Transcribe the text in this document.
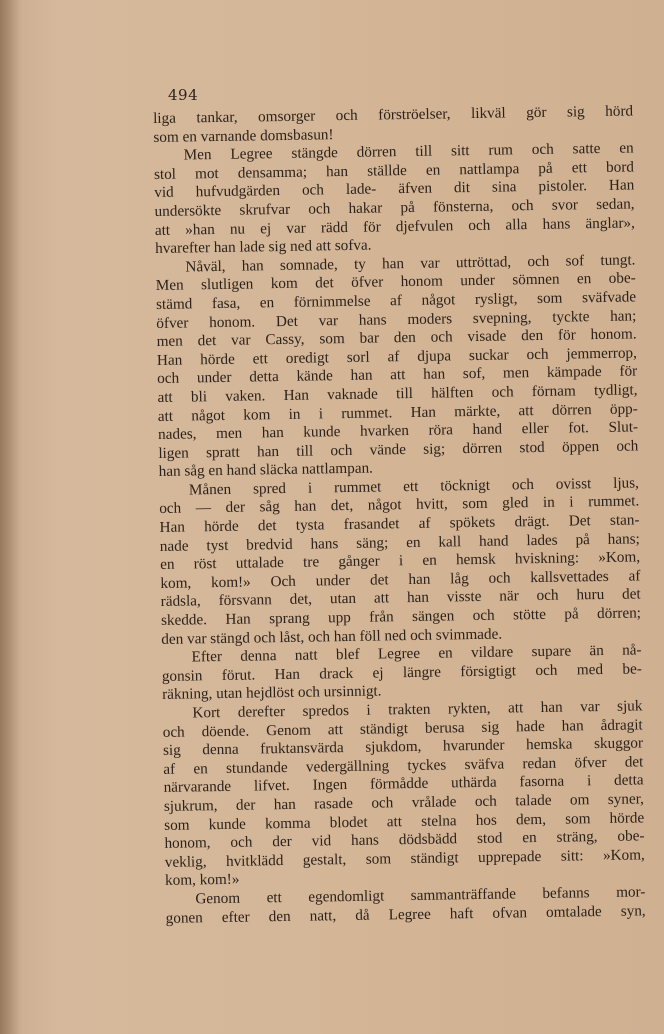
494
liga tankar, omsorger och förströelser, likväl gör sig hörd
som en varnande domsbasun!
Men Legree stängde dörren till sitt rum och satte en
stol mot densamma; han ställde en nattlampa på ett bord
vid hufvudgärden och lade- äfven dit sina pistoler. Han
undersökte skrufvar och hakar på fönsterna, och svor sedan,
att »han nu ej var rädd för djefvulen och alla hans änglar»,
hvarefter han lade sig ned att sofva.
Nåväl, han somnade, ty han var uttröttad, och sof tungt.
Men slutligen kom det öfver honom under sömnen en obe-
stämd fasa, en förnimmelse af något rysligt, som sväfvade
öfver honom. Det var hans moders svepning, tyckte han;
men det var Cassy, som bar den och visade den för honom.
Han hörde ett oredigt sorl af djupa suckar och jemmerrop,
och under detta kände han att han sof, men kämpade för
att bli vaken. Han vaknade till hälften och förnam tydligt,
att något kom in i rummet. Han märkte, att dörren öpp-
nades, men han kunde hvarken röra hand eller fot. Slut-
ligen spratt han till och vände sig; dörren stod öppen och
han såg en hand släcka nattlampan.
Månen spred i rummet ett töcknigt och ovisst ljus,
och — der såg han det, något hvitt, som gled in i rummet.
Han hörde det tysta frasandet af spökets drägt. Det stan-
nade tyst bredvid hans säng; en kall hand lades på hans;
en röst uttalade tre gånger i en hemsk hviskning: »Kom,
kom, kom!» Och under det han låg och kallsvettades af
rädsla, försvann det, utan att han visste när och huru det
skedde. Han sprang upp från sängen och stötte på dörren;
den var stängd och låst, och han föll ned och svimmade.
Efter denna natt blef Legree en vildare supare än nå-
gonsin förut. Han drack ej längre försigtigt och med be-
räkning, utan hejdlöst och ursinnigt.
Kort derefter spredos i trakten rykten, att han var sjuk
och döende. Genom att ständigt berusa sig hade han ådragit
sig denna fruktansvärda sjukdom, hvarunder hemska skuggor
af en stundande vedergällning tyckes sväfva redan öfver det
närvarande lifvet. Ingen förmådde uthärda fasorna i detta
sjukrum, der han rasade och vrålade och talade om syner,
som kunde komma blodet att stelna hos dem, som hörde
honom, och der vid hans dödsbädd stod en sträng, obe-
veklig, hvitklädd gestalt, som ständigt upprepade sitt: »Kom,
kom, kom!»
Genom ett egendomligt sammanträffande befanns mor-
gonen efter den natt, då Legree haft ofvan omtalade syn,
